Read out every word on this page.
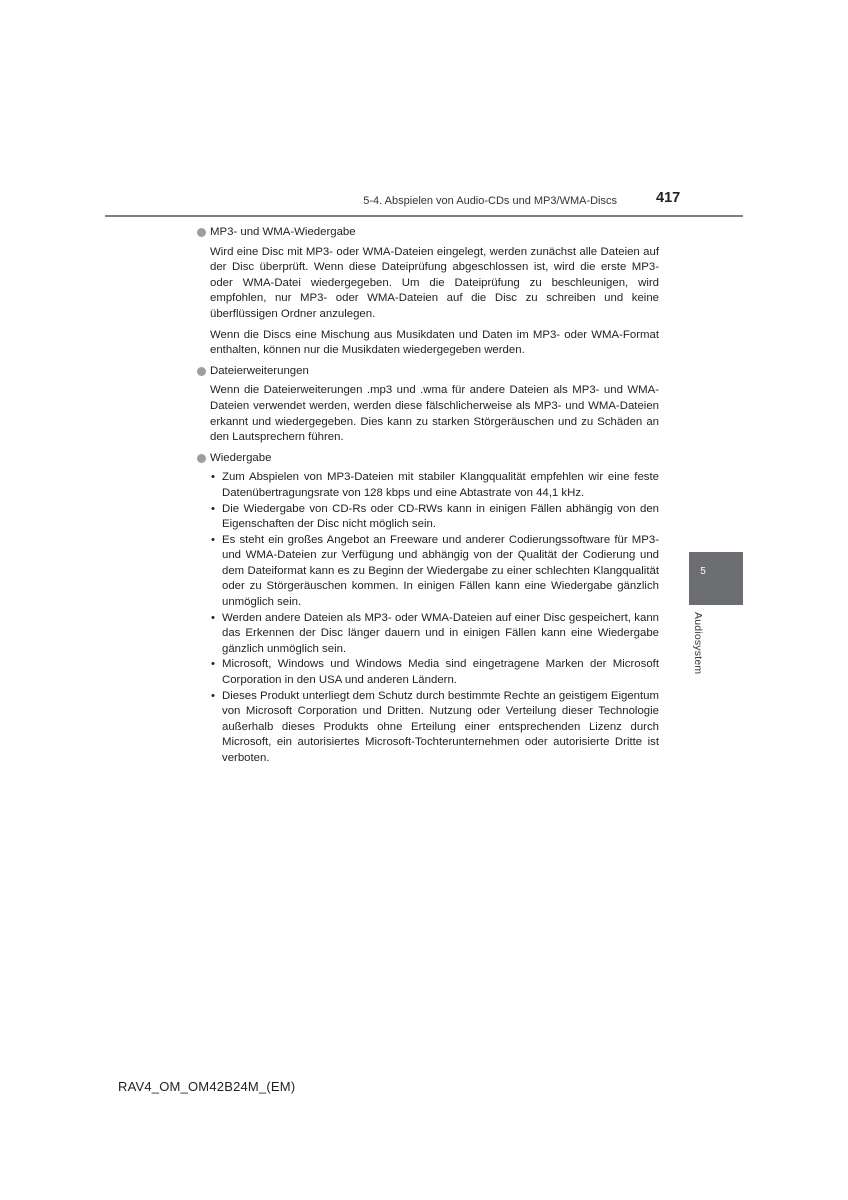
5-4. Abspielen von Audio-CDs und MP3/WMA-Discs	417
MP3- und WMA-Wiedergabe

Wird eine Disc mit MP3- oder WMA-Dateien eingelegt, werden zunächst alle Dateien auf der Disc überprüft. Wenn diese Dateiprüfung abgeschlossen ist, wird die erste MP3- oder WMA-Datei wiedergegeben. Um die Dateiprüfung zu beschleunigen, wird empfohlen, nur MP3- oder WMA-Dateien auf die Disc zu schreiben und keine überflüssigen Ordner anzulegen.

Wenn die Discs eine Mischung aus Musikdaten und Daten im MP3- oder WMA-Format enthalten, können nur die Musikdaten wiedergegeben werden.

Dateierweiterungen

Wenn die Dateierweiterungen .mp3 und .wma für andere Dateien als MP3- und WMA-Dateien verwendet werden, werden diese fälschlicherweise als MP3- und WMA-Dateien erkannt und wiedergegeben. Dies kann zu starken Störgeräuschen und zu Schäden an den Lautsprechern führen.

Wiedergabe
• Zum Abspielen von MP3-Dateien mit stabiler Klangqualität empfehlen wir eine feste Datenübertragungsrate von 128 kbps und eine Abtastrate von 44,1 kHz.
• Die Wiedergabe von CD-Rs oder CD-RWs kann in einigen Fällen abhängig von den Eigenschaften der Disc nicht möglich sein.
• Es steht ein großes Angebot an Freeware und anderer Codierungssoftware für MP3- und WMA-Dateien zur Verfügung und abhängig von der Qualität der Codierung und dem Dateiformat kann es zu Beginn der Wiedergabe zu einer schlechten Klangqualität oder zu Störgeräuschen kommen. In einigen Fällen kann eine Wiedergabe gänzlich unmöglich sein.
• Werden andere Dateien als MP3- oder WMA-Dateien auf einer Disc gespeichert, kann das Erkennen der Disc länger dauern und in einigen Fällen kann eine Wiedergabe gänzlich unmöglich sein.
• Microsoft, Windows und Windows Media sind eingetragene Marken der Microsoft Corporation in den USA und anderen Ländern.
• Dieses Produkt unterliegt dem Schutz durch bestimmte Rechte an geistigem Eigentum von Microsoft Corporation und Dritten. Nutzung oder Verteilung dieser Technologie außerhalb dieses Produkts ohne Erteilung einer entsprechenden Lizenz durch Microsoft, ein autorisiertes Microsoft-Tochterunternehmen oder autorisierte Dritte ist verboten.
5
Audiosystem
RAV4_OM_OM42B24M_(EM)
